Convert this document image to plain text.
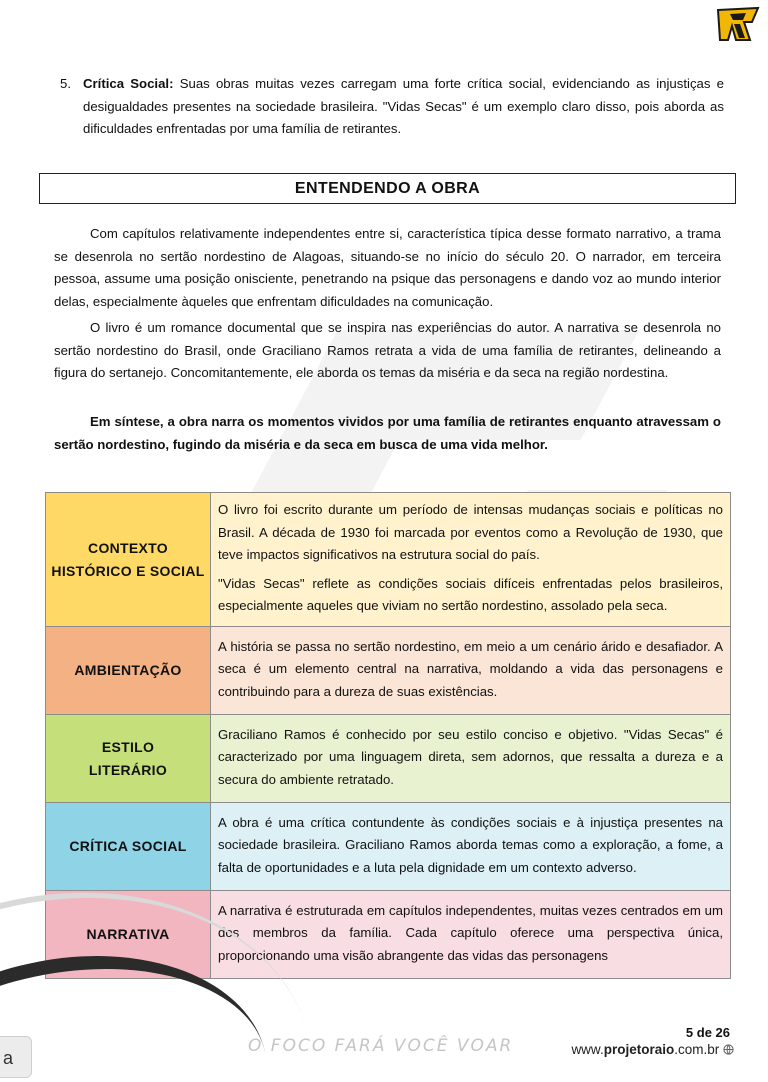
5. Crítica Social: Suas obras muitas vezes carregam uma forte crítica social, evidenciando as injustiças e desigualdades presentes na sociedade brasileira. "Vidas Secas" é um exemplo claro disso, pois aborda as dificuldades enfrentadas por uma família de retirantes.
ENTENDENDO A OBRA

Com capítulos relativamente independentes entre si, característica típica desse formato narrativo, a trama se desenrola no sertão nordestino de Alagoas, situando-se no início do século 20. O narrador, em terceira pessoa, assume uma posição onisciente, penetrando na psique das personagens e dando voz ao mundo interior delas, especialmente àqueles que enfrentam dificuldades na comunicação.

O livro é um romance documental que se inspira nas experiências do autor. A narrativa se desenrola no sertão nordestino do Brasil, onde Graciliano Ramos retrata a vida de uma família de retirantes, delineando a figura do sertanejo. Concomitantemente, ele aborda os temas da miséria e da seca na região nordestina.

Em síntese, a obra narra os momentos vividos por uma família de retirantes enquanto atravessam o sertão nordestino, fugindo da miséria e da seca em busca de uma vida melhor.

CONTEXTO HISTÓRICO E SOCIAL	O livro foi escrito durante um período de intensas mudanças sociais e políticas no Brasil. A década de 1930 foi marcada por eventos como a Revolução de 1930, que teve impactos significativos na estrutura social do país.

"Vidas Secas" reflete as condições sociais difíceis enfrentadas pelos brasileiros, especialmente aqueles que viviam no sertão nordestino, assolado pela seca.

AMBIENTAÇÃO	A história se passa no sertão nordestino, em meio a um cenário árido e desafiador. A seca é um elemento central na narrativa, moldando a vida das personagens e contribuindo para a dureza de suas existências.

ESTILO LITERÁRIO	Graciliano Ramos é conhecido por seu estilo conciso e objetivo. "Vidas Secas" é caracterizado por uma linguagem direta, sem adornos, que ressalta a dureza e a secura do ambiente retratado.

CRÍTICA SOCIAL	A obra é uma crítica contundente às condições sociais e à injustiça presentes na sociedade brasileira. Graciliano Ramos aborda temas como a exploração, a fome, a falta de oportunidades e a luta pela dignidade em um contexto adverso.

NARRATIVA	A narrativa é estruturada em capítulos independentes, muitas vezes centrados em um dos membros da família. Cada capítulo oferece uma perspectiva única, proporcionando uma visão abrangente das vidas das personagens

O FOCO FARÁ VOCÊ VOAR
5 de 26
www.projetoraio.com.br
a
